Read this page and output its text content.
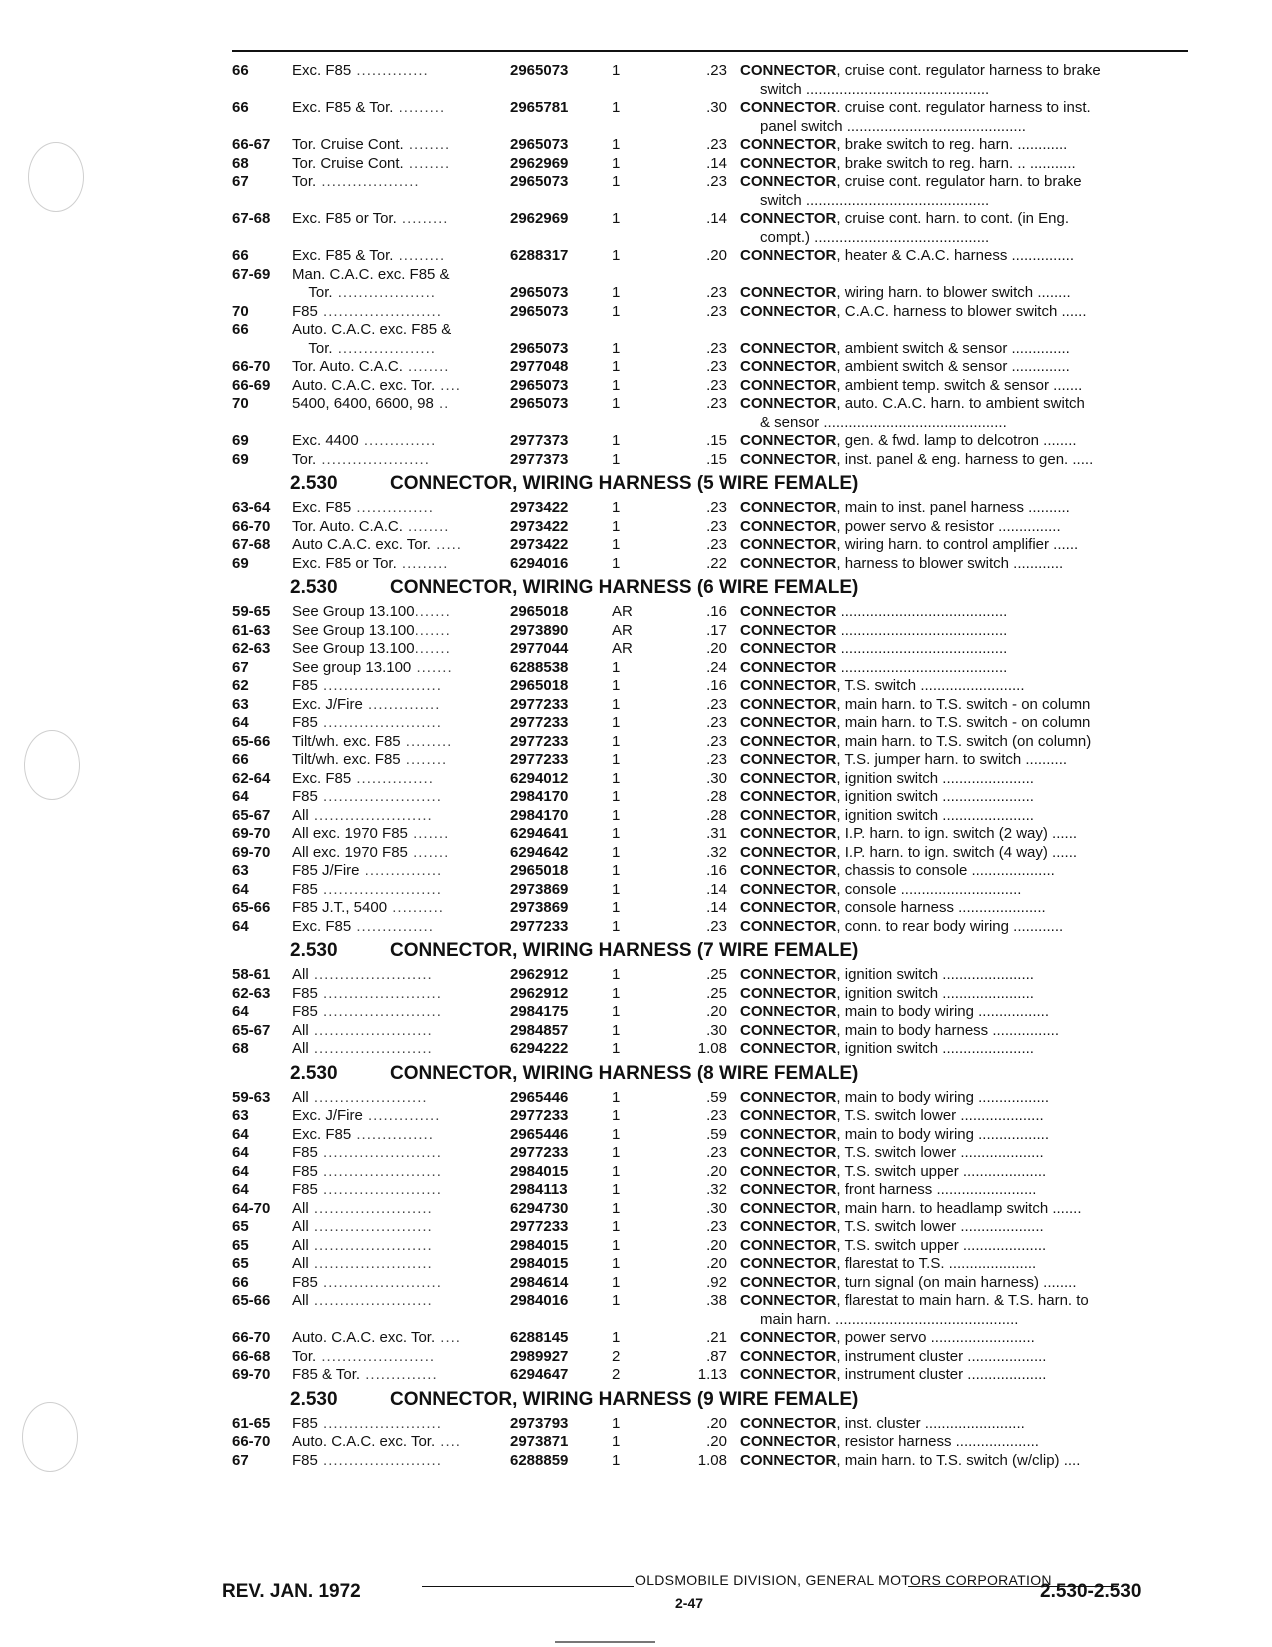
66	Exc. F85 ..............	2965073	1	.23 CONNECTOR, cruise cont. regulator harness to brake
switch ............................................
66	Exc. F85 & Tor. .........	2965781	1	.30 CONNECTOR. cruise cont. regulator harness to inst.
panel switch ...........................................
66-67	Tor. Cruise Cont. ........	2965073	1	.23 CONNECTOR, brake switch to reg. harn. ............
68	Tor. Cruise Cont. ........	2962969	1	.14 CONNECTOR, brake switch to reg. harn. .. ...........
67	Tor. ...................	2965073	1	.23 CONNECTOR, cruise cont. regulator harn. to brake
switch ............................................
67-68	Exc. F85 or Tor. .........	2962969	1	.14 CONNECTOR, cruise cont. harn. to cont. (in Eng.
compt.) ..........................................
66	Exc. F85 & Tor. .........	6288317	1	.20 CONNECTOR, heater & C.A.C. harness ...............
67-69	Man. C.A.C. exc. F85 &
Tor. ...................	2965073	1	.23 CONNECTOR, wiring harn. to blower switch ........
70	F85 .......................	2965073	1	.23 CONNECTOR, C.A.C. harness to blower switch ......
66	Auto. C.A.C. exc. F85 &
Tor. ...................	2965073	1	.23 CONNECTOR, ambient switch & sensor ..............
66-70	Tor. Auto. C.A.C. ........	2977048	1	.23 CONNECTOR, ambient switch & sensor ..............
66-69	Auto. C.A.C. exc. Tor. ....	2965073	1	.23 CONNECTOR, ambient temp. switch & sensor .......
70	5400, 6400, 6600, 98 ..	2965073	1	.23 CONNECTOR, auto. C.A.C. harn. to ambient switch
& sensor ............................................
69	Exc. 4400 ..............	2977373	1	.15 CONNECTOR, gen. & fwd. lamp to delcotron ........
69	Tor. .....................	2977373	1	.15 CONNECTOR, inst. panel & eng. harness to gen. .....
2.530	CONNECTOR, WIRING HARNESS (5 WIRE FEMALE)
63-64	Exc. F85 ...............	2973422	1	.23 CONNECTOR, main to inst. panel harness ..........
66-70	Tor. Auto. C.A.C. ........	2973422	1	.23 CONNECTOR, power servo & resistor ...............
67-68	Auto C.A.C. exc. Tor. .....	2973422	1	.23 CONNECTOR, wiring harn. to control amplifier ......
69	Exc. F85 or Tor. .........	6294016	1	.22 CONNECTOR, harness to blower switch ............
2.530	CONNECTOR, WIRING HARNESS (6 WIRE FEMALE)
59-65	See Group 13.100.......	2965018	AR	.16 CONNECTOR ........................................
61-63	See Group 13.100.......	2973890	AR	.17 CONNECTOR ........................................
62-63	See Group 13.100.......	2977044	AR	.20 CONNECTOR ........................................
67	See group 13.100 .......	6288538	1	.24 CONNECTOR ........................................
62	F85 .......................	2965018	1	.16 CONNECTOR, T.S. switch .........................
63	Exc. J/Fire ..............	2977233	1	.23 CONNECTOR, main harn. to T.S. switch - on column
64	F85 .......................	2977233	1	.23 CONNECTOR, main harn. to T.S. switch - on column
65-66	Tilt/wh. exc. F85 .........	2977233	1	.23 CONNECTOR, main harn. to T.S. switch (on column)
66	Tilt/wh. exc. F85 ........	2977233	1	.23 CONNECTOR, T.S. jumper harn. to switch ..........
62-64	Exc. F85 ...............	6294012	1	.30 CONNECTOR, ignition switch ......................
64	F85 .......................	2984170	1	.28 CONNECTOR, ignition switch ......................
65-67	All .......................	2984170	1	.28 CONNECTOR, ignition switch ......................
69-70	All exc. 1970 F85 .......	6294641	1	.31 CONNECTOR, I.P. harn. to ign. switch (2 way) ......
69-70	All exc. 1970 F85 .......	6294642	1	.32 CONNECTOR, I.P. harn. to ign. switch (4 way) ......
63	F85 J/Fire ...............	2965018	1	.16 CONNECTOR, chassis to console ....................
64	F85 .......................	2973869	1	.14 CONNECTOR, console .............................
65-66	F85 J.T., 5400 ..........	2973869	1	.14 CONNECTOR, console harness .....................
64	Exc. F85 ...............	2977233	1	.23 CONNECTOR, conn. to rear body wiring ............
2.530	CONNECTOR, WIRING HARNESS (7 WIRE FEMALE)
58-61	All .......................	2962912	1	.25 CONNECTOR, ignition switch ......................
62-63	F85 .......................	2962912	1	.25 CONNECTOR, ignition switch ......................
64	F85 .......................	2984175	1	.20 CONNECTOR, main to body wiring .................
65-67	All .......................	2984857	1	.30 CONNECTOR, main to body harness ................
68	All .......................	6294222	1	1.08 CONNECTOR, ignition switch ......................
2.530	CONNECTOR, WIRING HARNESS (8 WIRE FEMALE)
59-63	All ......................	2965446	1	.59 CONNECTOR, main to body wiring .................
63	Exc. J/Fire ..............	2977233	1	.23 CONNECTOR, T.S. switch lower ....................
64	Exc. F85 ...............	2965446	1	.59 CONNECTOR, main to body wiring .................
64	F85 .......................	2977233	1	.23 CONNECTOR, T.S. switch lower ....................
64	F85 .......................	2984015	1	.20 CONNECTOR, T.S. switch upper ....................
64	F85 .......................	2984113	1	.32 CONNECTOR, front harness ........................
64-70	All .......................	6294730	1	.30 CONNECTOR, main harn. to headlamp switch .......
65	All .......................	2977233	1	.23 CONNECTOR, T.S. switch lower ....................
65	All .......................	2984015	1	.20 CONNECTOR, T.S. switch upper ....................
65	All .......................	2984015	1	.20 CONNECTOR, flarestat to T.S. .....................
66	F85 .......................	2984614	1	.92 CONNECTOR, turn signal (on main harness) ........
65-66	All .......................	2984016	1	.38 CONNECTOR, flarestat to main harn. & T.S. harn. to
main harn. ............................................
66-70	Auto. C.A.C. exc. Tor. ....	6288145	1	.21 CONNECTOR, power servo .........................
66-68	Tor. ......................	2989927	2	.87 CONNECTOR, instrument cluster ...................
69-70	F85 & Tor. ..............	6294647	2	1.13 CONNECTOR, instrument cluster ...................
2.530	CONNECTOR, WIRING HARNESS (9 WIRE FEMALE)
61-65	F85 .......................	2973793	1	.20 CONNECTOR, inst. cluster ........................
66-70	Auto. C.A.C. exc. Tor. ....	2973871	1	.20 CONNECTOR, resistor harness ....................
67	F85 .......................	6288859	1	1.08 CONNECTOR, main harn. to T.S. switch (w/clip) ....
OLDSMOBILE DIVISION, GENERAL MOTORS CORPORATION
REV. JAN. 1972
2-47
2.530-2.530
